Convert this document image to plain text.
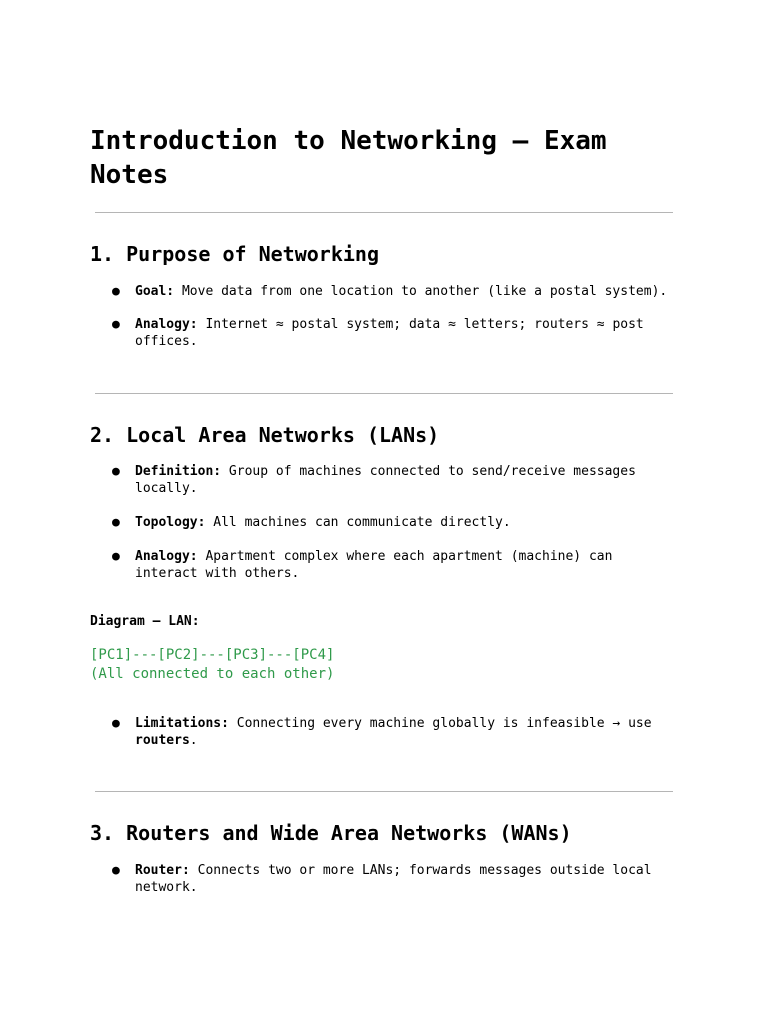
Introduction to Networking – Exam Notes
1. Purpose of Networking
●	Goal: Move data from one location to another (like a postal system).
●	Analogy: Internet ≈ postal system; data ≈ letters; routers ≈ post offices.
2. Local Area Networks (LANs)
●	Definition: Group of machines connected to send/receive messages locally.
●	Topology: All machines can communicate directly.
●	Analogy: Apartment complex where each apartment (machine) can interact with others.
Diagram – LAN:
[PC1]---[PC2]---[PC3]---[PC4]
(All connected to each other)
●	Limitations: Connecting every machine globally is infeasible → use routers.
3. Routers and Wide Area Networks (WANs)
●	Router: Connects two or more LANs; forwards messages outside local network.
